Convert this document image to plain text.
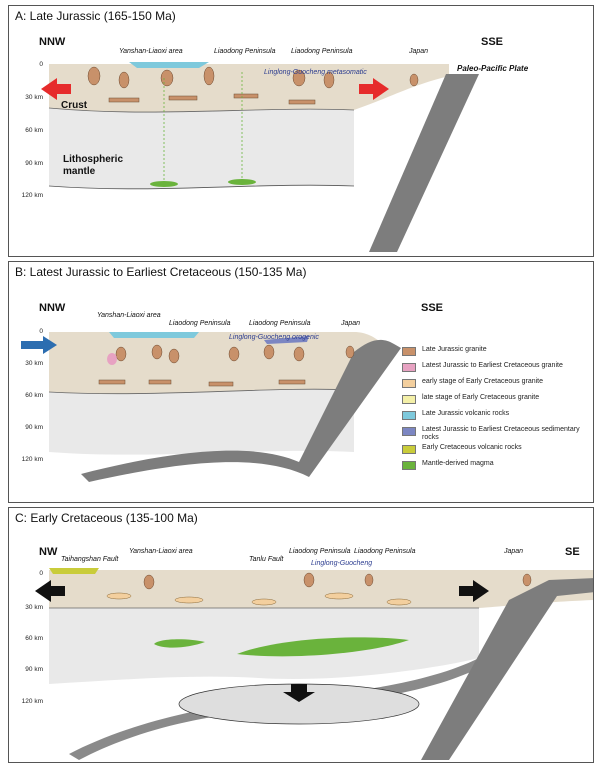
A: Late Jurassic (165-150 Ma)
NNW	SSE
Yanshan-Liaoxi area	Liaodong Peninsula Liaodong Peninsula	Japan
Linglong-Guocheng metasomatic	Paleo-Pacific Plate
Crust
Lithospheric
mantle
0
30 km
60 km
90 km
120 km
B: Latest Jurassic to Earliest Cretaceous (150-135 Ma)
NNW	SSE
Yanshan-Liaoxi area
Liaodong Peninsula	Liaodong Peninsula	Japan
Linglong-Guocheng orogenic
0
30 km
60 km
90 km
120 km
Late Jurassic granite
Latest Jurassic to Earliest Cretaceous granite
early stage of Early Cretaceous granite
late stage of Early Cretaceous granite
Late Jurassic volcanic rocks
Latest Jurassic to Earliest Cretaceous sedimentary rocks
Early Cretaceous volcanic rocks
Mantle-derived magma
C: Early Cretaceous (135-100 Ma)
NW	SE
Taihangshan Fault
Yanshan-Liaoxi area
Tanlu Fault
Liaodong Peninsula Liaodong Peninsula	Japan
Linglong-Guocheng
0
30 km
60 km
90 km
120 km
